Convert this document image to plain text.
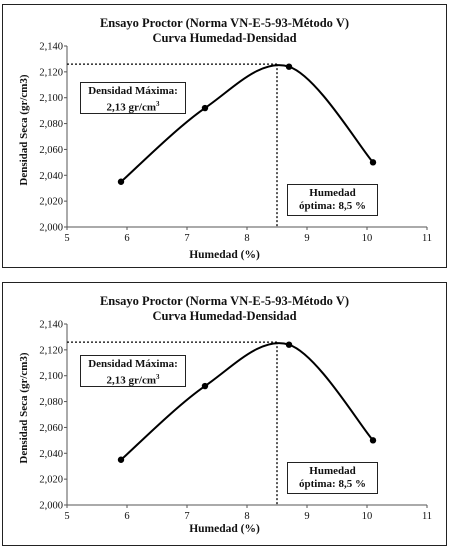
Ensayo Proctor (Norma VN-E-5-93-Método V)
Curva Humedad-Densidad
2,000
2,020
2,040
2,060
2,080
2,100
2,120
2,140
5	6	7	8	9	10	11
Densidad Máxima:
2,13 $gr/cm^3$
Humedad
óptima: 8,5 %
Densidad Seca (gr/cm3)
Humedad (%)
Ensayo Proctor (Norma VN-E-5-93-Método V)
Curva Humedad-Densidad
2,000
2,020
2,040
2,060
2,080
2,100
2,120
2,140
5	6	7	8	9	10	11
Densidad Máxima:
2,13 $gr/cm^3$
Humedad
óptima: 8,5 %
Densidad Seca (gr/cm3)
Humedad (%)
